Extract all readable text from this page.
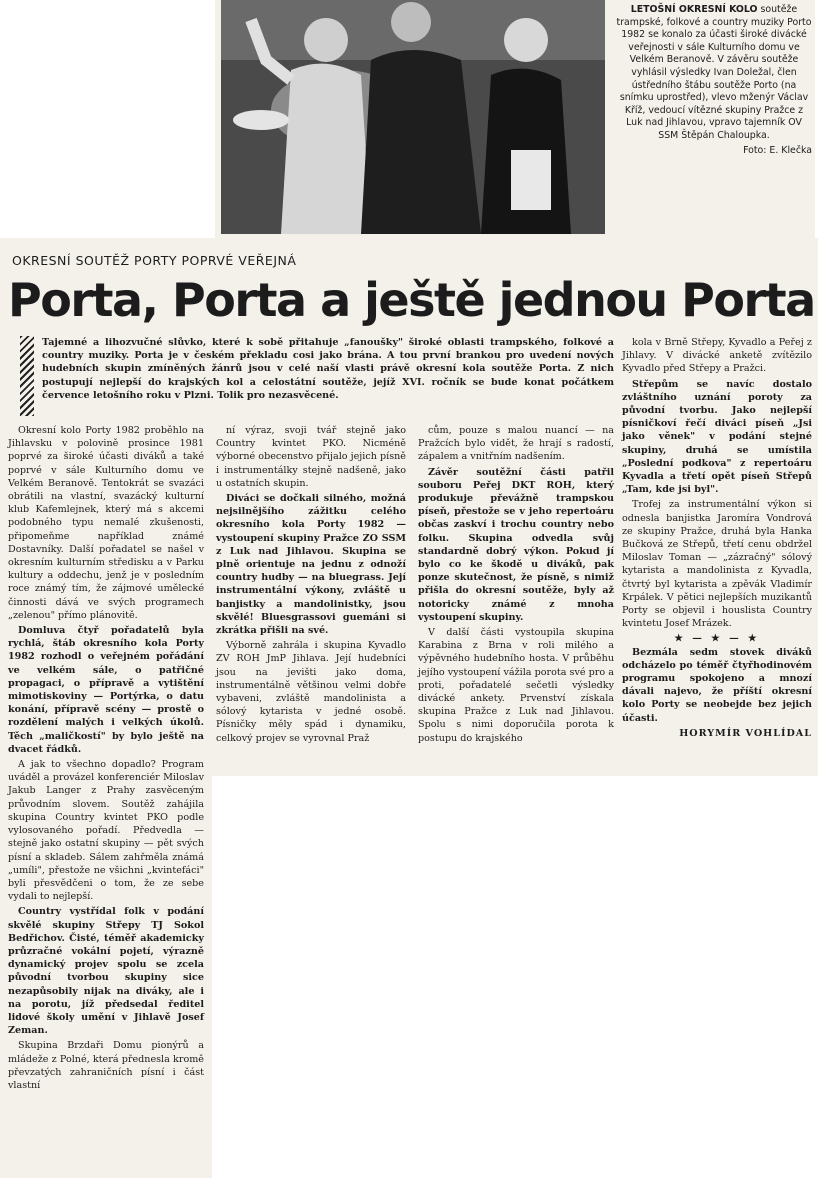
LETOŠNÍ OKRESNÍ KOLO soutěže trampské, folkové a country muziky Porto 1982 se konalo za účasti široké divácké veřejnosti v sále Kulturního domu ve Velkém Beranově. V závěru soutěže vyhlásil výsledky Ivan Doležal, člen ústředního štábu soutěže Porto (na snímku uprostřed), vlevo mženýr Václav Kříž, vedoucí vítězné skupiny Pražce z Luk nad Jihlavou, vpravo tajemník OV SSM Štěpán Chaloupka.
Foto: E. Klečka
OKRESNÍ SOUTĚŽ PORTY POPRVÉ VEŘEJNÁ
Porta, Porta a ještě jednou Porta
Tajemné a lihozvučné slůvko, které k sobě přitahuje „fanoušky" široké oblasti trampského, folkové a country muziky. Porta je v českém překladu cosi jako brána. A tou první brankou pro uvedení nových hudebních skupin zmíněných žánrů jsou v celé naší vlasti právě okresní kola soutěže Porta. Z nich postupují nejlepší do krajských kol a celostátní soutěže, jejíž XVI. ročník se bude konat počátkem července letošního roku v Plzni. Tolik pro nezasvěcené.

Okresní kolo Porty 1982 proběhlo na Jihlavsku v polovině prosince 1981 poprvé za široké účasti diváků a také poprvé v sále Kulturního domu ve Velkém Beranově. Tentokrát se svazáci obrátili na vlastní, svazácký kulturní klub Kafemlejnek, který má s akcemi podobného typu nemalé zkušenosti, připomeňme například známé Dostavníky. Další pořadatel se našel v okresním kulturním středisku a v Parku kultury a oddechu, jenž je v posledním roce známý tím, že zájmové umělecké činnosti dává ve svých programech „zelenou" přímo plánovitě.

Domluva čtyř pořadatelů byla rychlá, štáb okresního kola Porty 1982 rozhodl o veřejném pořádání ve velkém sále, o patřičné propagaci, o přípravě a vytištění mimotiskoviny — Portýrka, o datu konání, přípravě scény — prostě o rozdělení malých i velkých úkolů. Těch „maličkostí" by bylo ještě na dvacet řádků.

A jak to všechno dopadlo? Program uváděl a provázel konferenciér Miloslav Jakub Langer z Prahy zasvěceným průvodním slovem. Soutěž zahájila skupina Country kvintet PKO podle vylosovaného pořadí. Předvedla — stejně jako ostatní skupiny — pět svých písní a skladeb. Sálem zahřměla známá „umíli", přestože ne všichni „kvintefáci" byli přesvědčeni o tom, že ze sebe vydali to nejlepší.

Country vystřídal folk v podání skvělé skupiny Střepy TJ Sokol Bedřichov. Čisté, téměř akademicky průzračné vokální pojetí, výrazně dynamický projev spolu se zcela původní tvorbou skupiny sice nezapůsobily nijak na diváky, ale i na porotu, jíž předsedal ředitel lidové školy umění v Jihlavě Josef Zeman.

Skupina Brzdaři Domu pionýrů a mládeže z Polné, která přednesla kromě převzatých zahraničních písní i část vlastní

ní výraz, svoji tvář stejně jako Country kvintet PKO. Nicméně výborné obecenstvo přijalo jejich písně i instrumentálky stejně nadšeně, jako u ostatních skupin.

Diváci se dočkali silného, možná nejsilnějšího zážitku celého okresního kola Porty 1982 — vystoupení skupiny Pražce ZO SSM z Luk nad Jihlavou. Skupina se plně orientuje na jednu z odnoží country hudby — na bluegrass. Její instrumentální výkony, zvláště u banjistky a mandolinistky, jsou skvělé! Bluesgrassovi guemáni si zkrátka přišli na své.

Výborně zahrála i skupina Kyvadlo ZV ROH JmP Jihlava. Její hudebníci jsou na jevišti jako doma, instrumentálně většinou velmi dobře vybaveni, zvláště mandolinista a sólový kytarista v jedné osobě. Písničky měly spád i dynamiku, celkový projev se vyrovnal Praž

cům, pouze s malou nuancí — na Pražcích bylo vidět, že hrají s radostí, zápalem a vnitřním nadšením.

Závěr soutěžní části patřil souboru Peřej DKT ROH, který produkuje převážně trampskou píseň, přestože se v jeho repertoáru občas zaskví i trochu country nebo folku. Skupina odvedla svůj standardně dobrý výkon. Pokud jí bylo co ke škodě u diváků, pak ponze skutečnost, že písně, s nimiž přišla do okresní soutěže, byly až notoricky známé z mnoha vystoupení skupiny.

V další části vystoupila skupina Karabina z Brna v roli milého a výpěvného hudebního hosta. V průběhu jejího vystoupení vážila porota své pro a proti, pořadatelé sečetli výsledky divácké ankety. Prvenství získala skupina Pražce z Luk nad Jihlavou. Spolu s nimi doporučila porota k postupu do krajského

kola v Brně Střepy, Kyvadlo a Peřej z Jihlavy. V divácké anketě zvítězilo Kyvadlo před Střepy a Pražci.

Střepům se navíc dostalo zvláštního uznání poroty za původní tvorbu. Jako nejlepší písničkoví řečí diváci píseň „Jsi jako věnek" v podání stejné skupiny, druhá se umístila „Poslední podkova" z repertoáru Kyvadla a třetí opět píseň Střepů „Tam, kde jsi byl".

Trofej za instrumentální výkon si odnesla banjistka Jaromíra Vondrová ze skupiny Pražce, druhá byla Hanka Bučková ze Střepů, třetí cenu obdržel Miloslav Toman — „zázračný" sólový kytarista a mandolinista z Kyvadla, čtvrtý byl kytarista a zpěvák Vladimír Krpálek. V pětici nejlepších muzikantů Porty se objevil i houslista Country kvintetu Josef Mrázek.

★ — ★ — ★

Bezmála sedm stovek diváků odcházelo po téměř čtyřhodinovém programu spokojeno a mnozí dávali najevo, že příští okresní kolo Porty se neobejde bez jejich účasti.

HORYMÍR VOHLÍDAL
